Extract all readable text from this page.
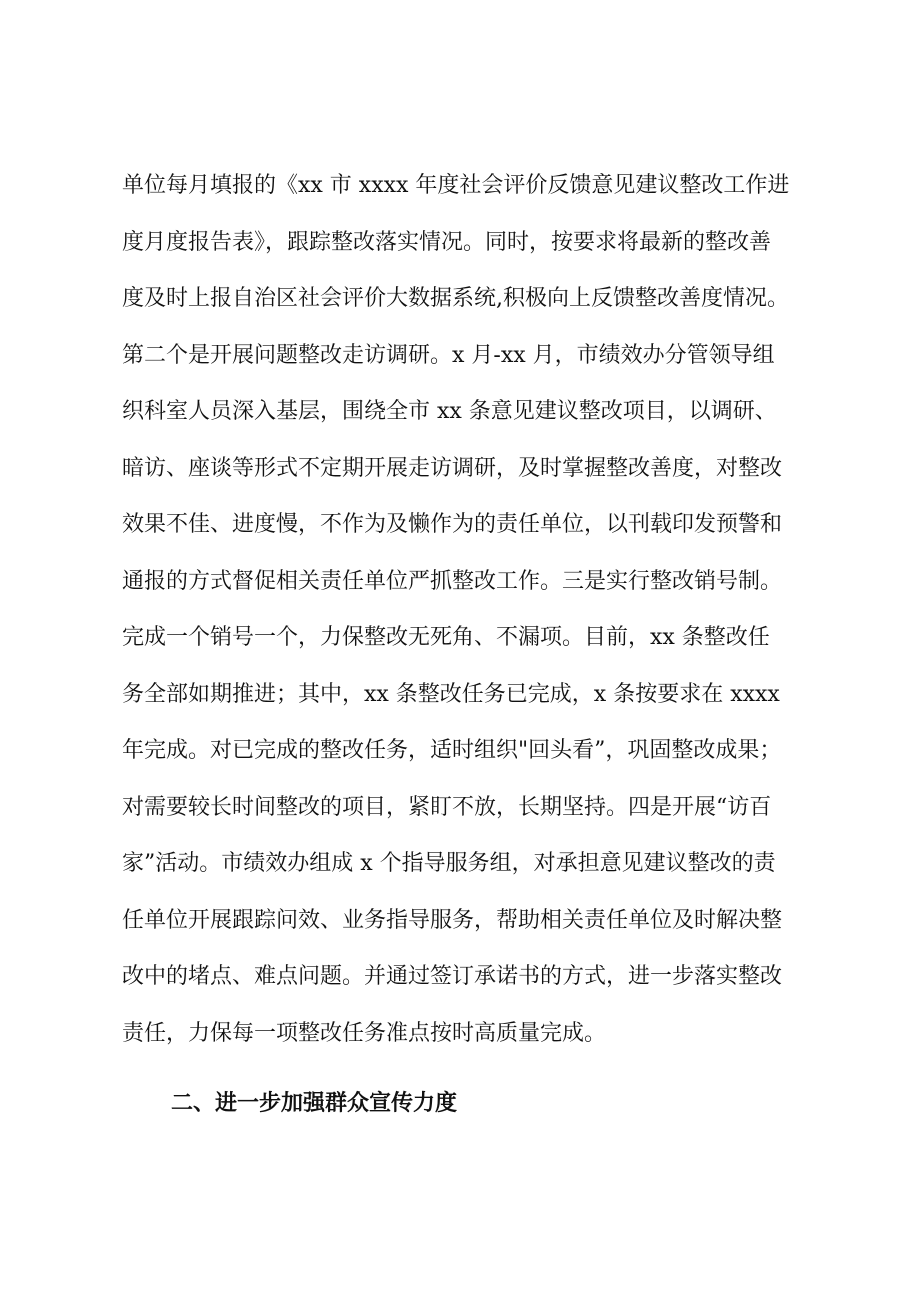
单位每月填报的《xx 市 xxxx 年度社会评价反馈意见建议整改工作进
度月度报告表》，跟踪整改落实情况。同时，按要求将最新的整改善
度及时上报自治区社会评价大数据系统,积极向上反馈整改善度情况。
第二个是开展问题整改走访调研。x 月-xx 月，市绩效办分管领导组
织科室人员深入基层，围绕全市 xx 条意见建议整改项目，以调研、
暗访、座谈等形式不定期开展走访调研，及时掌握整改善度，对整改
效果不佳、进度慢，不作为及懒作为的责任单位，以刊载印发预警和
通报的方式督促相关责任单位严抓整改工作。三是实行整改销号制。
完成一个销号一个，力保整改无死角、不漏项。目前，xx 条整改任
务全部如期推进；其中，xx 条整改任务已完成，x 条按要求在 xxxx
年完成。对已完成的整改任务，适时组织"回头看”，巩固整改成果；
对需要较长时间整改的项目，紧盯不放，长期坚持。四是开展“访百
家”活动。市绩效办组成 x 个指导服务组，对承担意见建议整改的责
任单位开展跟踪问效、业务指导服务，帮助相关责任单位及时解决整
改中的堵点、难点问题。并通过签订承诺书的方式，进一步落实整改
责任，力保每一项整改任务准点按时高质量完成。
二、进一步加强群众宣传力度
